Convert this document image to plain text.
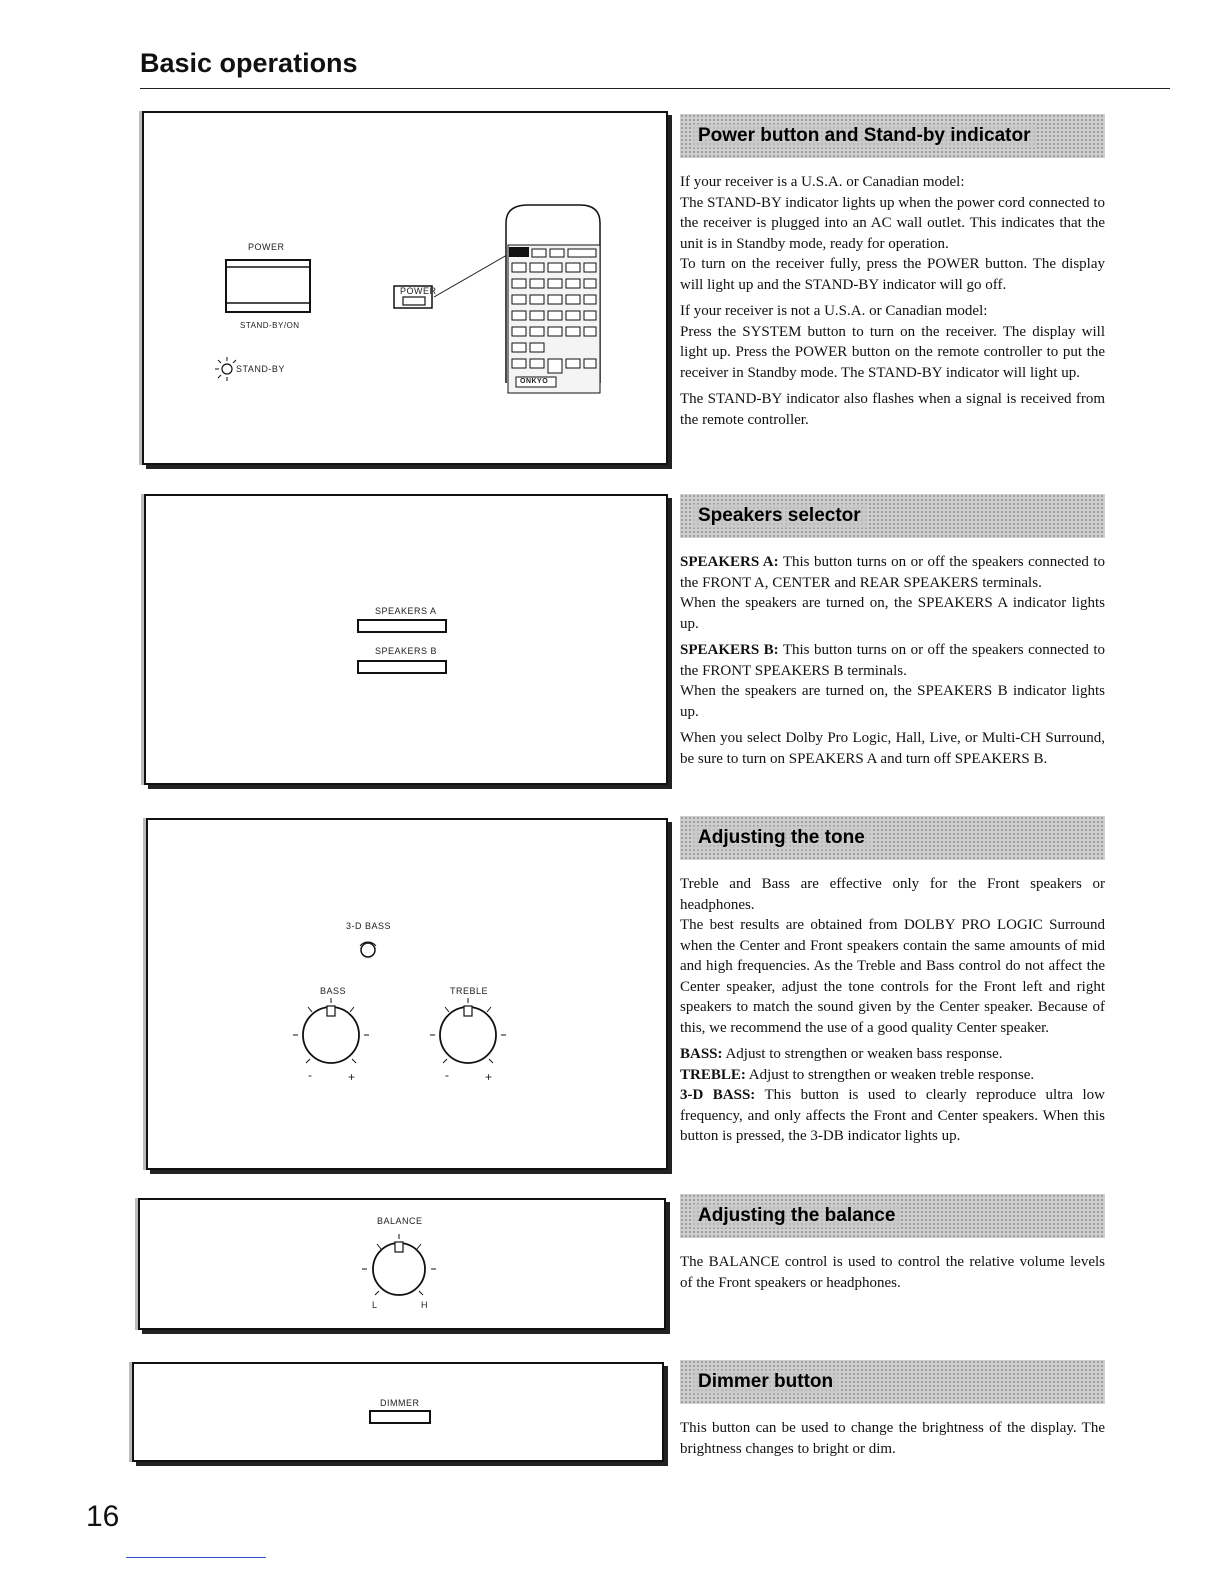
Basic operations
POWER
STAND-BY/ON
STAND-BY
POWER
ONKYO
SPEAKERS A
SPEAKERS B
3-D BASS
BASS	TREBLE
-	+	-	+
BALANCE
L	H
DIMMER
Power button and Stand-by indicator

If your receiver is a U.S.A. or Canadian model:

The STAND-BY indicator lights up when the power cord connected to the receiver is plugged into an AC wall outlet. This indicates that the unit is in Standby mode, ready for operation.

To turn on the receiver fully, press the POWER button. The display will light up and the STAND-BY indicator will go off.

If your receiver is not a U.S.A. or Canadian model:

Press the SYSTEM button to turn on the receiver. The display will light up. Press the POWER button on the remote controller to put the receiver in Standby mode. The STAND-BY indicator will light up.

The STAND-BY indicator also flashes when a signal is received from the remote controller.

Speakers selector

SPEAKERS A: This button turns on or off the speakers connected to the FRONT A, CENTER and REAR SPEAKERS terminals.

When the speakers are turned on, the SPEAKERS A indicator lights up.

SPEAKERS B: This button turns on or off the speakers connected to the FRONT SPEAKERS B terminals.

When the speakers are turned on, the SPEAKERS B indicator lights up.

When you select Dolby Pro Logic, Hall, Live, or Multi-CH Surround, be sure to turn on SPEAKERS A and turn off SPEAKERS B.

Adjusting the tone

Treble and Bass are effective only for the Front speakers or headphones.

The best results are obtained from DOLBY PRO LOGIC Surround when the Center and Front speakers contain the same amounts of mid and high frequencies. As the Treble and Bass control do not affect the Center speaker, adjust the tone controls for the Front left and right speakers to match the sound given by the Center speaker. Because of this, we recommend the use of a good quality Center speaker.

BASS: Adjust to strengthen or weaken bass response.

TREBLE: Adjust to strengthen or weaken treble response.

3-D BASS: This button is used to clearly reproduce ultra low frequency, and only affects the Front and Center speakers. When this button is pressed, the 3-DB indicator lights up.

Adjusting the balance

The BALANCE control is used to control the relative volume levels of the Front speakers or headphones.

Dimmer button

This button can be used to change the brightness of the display. The brightness changes to bright or dim.

16
